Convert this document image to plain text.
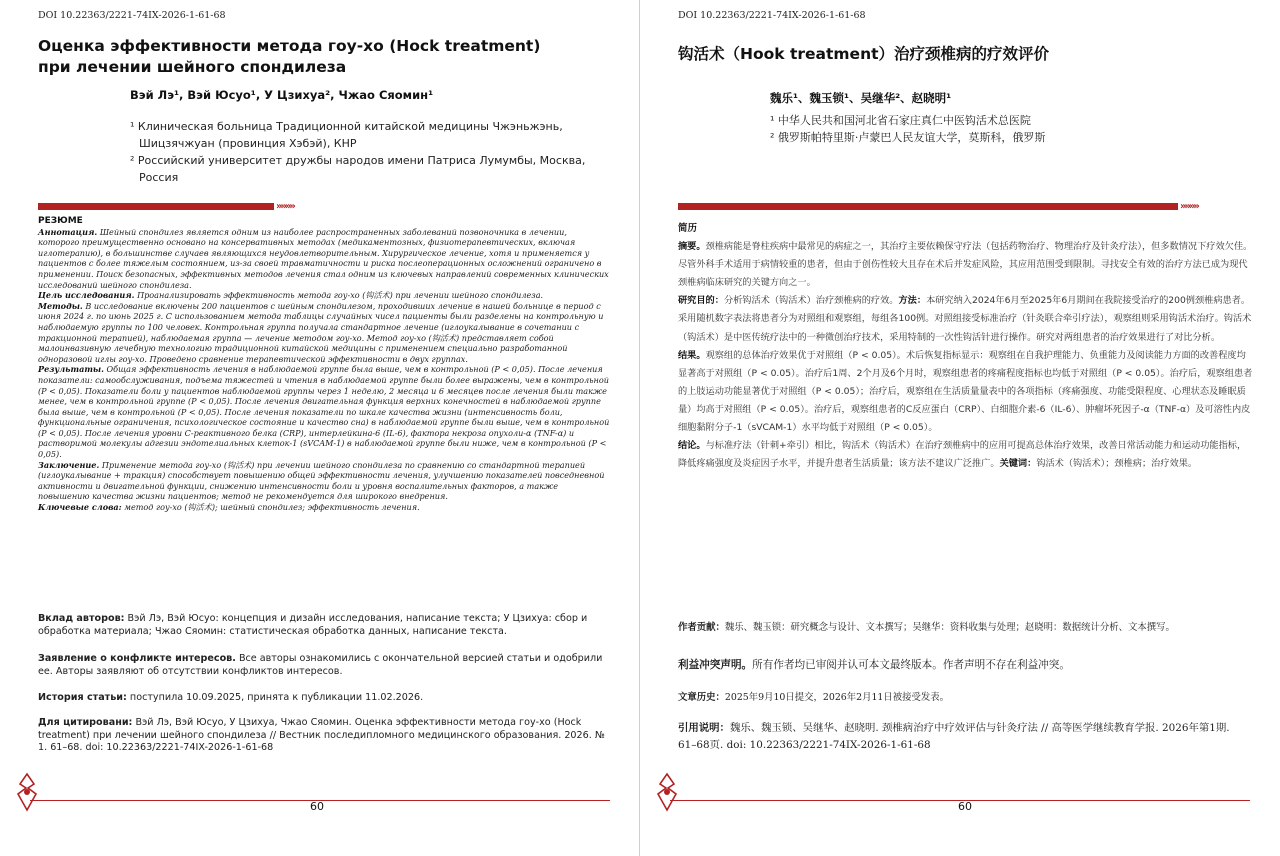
DOI 10.22363/2221-74IX-2026-1-61-68
Оценка эффективности метода гоу-хо (Hock treatment)
при лечении шейного спондилеза
Вэй Лэ¹, Вэй Юсуо¹, У Цзихуа², Чжао Сяомин¹
¹ Клиническая больница Традиционной китайской медицины Чжэньжэнь, Шицзячжуан (провинция Хэбэй), КНР
² Российский университет дружбы народов имени Патриса Лумумбы, Москва, Россия
»»»»
РЕЗЮМЕ
Аннотация. Шейный спондилез является одним из наиболее распространенных заболеваний позвоночника в лечении, которого преимущественно основано на консервативных методах (медикаментозных, физиотерапевтических, включая иглотерапию), в большинстве случаев являющихся неудовлетворительным. Хирургическое лечение, хотя и применяется у пациентов с более тяжелым состоянием, из-за своей травматичности и риска послеоперационных осложнений ограничено в применении. Поиск безопасных, эффективных методов лечения стал одним из ключевых направлений современных клинических исследований шейного спондилеза.
Цель исследования. Проанализировать эффективность метода гоу-хо (钩活术) при лечении шейного спондилеза.
Методы. В исследование включены 200 пациентов с шейным спондилезом, проходивших лечение в нашей больнице в период с июня 2024 г. по июнь 2025 г. С использованием метода таблицы случайных чисел пациенты были разделены на контрольную и наблюдаемую группы по 100 человек. Контрольная группа получала стандартное лечение (иглоукалывание в сочетании с тракционной терапией), наблюдаемая группа — лечение методом гоу-хо. Метод гоу-хо (钩活术) представляет собой малоинвазивную лечебную технологию традиционной китайской медицины с применением специально разработанной одноразовой иглы гоу-хо. Проведено сравнение терапевтической эффективности в двух группах.
Результаты. Общая эффективность лечения в наблюдаемой группе была выше, чем в контрольной (P < 0,05). После лечения показатели: самообслуживания, подъема тяжестей и чтения в наблюдаемой группе были более выражены, чем в контрольной (P < 0,05). Показатели боли у пациентов наблюдаемой группы через 1 неделю, 2 месяца и 6 месяцев после лечения были также менее, чем в контрольной группе (P < 0,05). После лечения двигательная функция верхних конечностей в наблюдаемой группе была выше, чем в контрольной (P < 0,05). После лечения показатели по шкале качества жизни (интенсивность боли, функциональные ограничения, психологическое состояние и качество сна) в наблюдаемой группе были выше, чем в контрольной (P < 0,05). После лечения уровни С-реактивного белка (CRP), интерлейкина-6 (IL-6), фактора некроза опухоли-α (TNF-α) и растворимой молекулы адгезии эндотелиальных клеток-1 (sVCAM-1) в наблюдаемой группе были ниже, чем в контрольной (P < 0,05).
Заключение. Применение метода гоу-хо (钩活术) при лечении шейного спондилеза по сравнению со стандартной терапией (иглоукалывание + тракция) способствует повышению общей эффективности лечения, улучшению показателей повседневной активности и двигательной функции, снижению интенсивности боли и уровня воспалительных факторов, а также повышению качества жизни пациентов; метод не рекомендуется для широкого внедрения.
Ключевые слова: метод гоу-хо (钩活术); шейный спондилез; эффективность лечения.
Вклад авторов: Вэй Лэ, Вэй Юсуо: концепция и дизайн исследования, написание текста; У Цзихуа: сбор и обработка материала; Чжао Сяомин: статистическая обработка данных, написание текста.
Заявление о конфликте интересов. Все авторы ознакомились с окончательной версией статьи и одобрили ее. Авторы заявляют об отсутствии конфликтов интересов.
История статьи: поступила 10.09.2025, принята к публикации 11.02.2026.
Для цитировани: Вэй Лэ, Вэй Юсуо, У Цзихуа, Чжао Сяомин. Оценка эффективности метода гоу-хо (Hock treatment) при лечении шейного спондилеза // Вестник последипломного медицинского образования. 2026. № 1. 61–68. doi: 10.22363/2221-74IX-2026-1-61-68
60
DOI 10.22363/2221-74IX-2026-1-61-68
钩活术（Hook treatment）治疗颈椎病的疗效评价
魏乐¹、魏玉锁¹、吴继华²、赵晓明¹
¹ 中华人民共和国河北省石家庄真仁中医钩活术总医院
² 俄罗斯帕特里斯·卢蒙巴人民友谊大学，莫斯科，俄罗斯
»»»»
简历
摘要。颈椎病能是脊柱疾病中最常见的病症之一，其治疗主要依赖保守疗法（包括药物治疗、物理治疗及针灸疗法），但多数情况下疗效欠佳。尽管外科手术适用于病情较重的患者，但由于创伤性较大且存在术后并发症风险，其应用范围受到限制。寻找安全有效的治疗方法已成为现代颈椎病临床研究的关键方向之一。
研究目的：分析钩活术（钩活术）治疗颈椎病的疗效。方法：本研究纳入2024年6月至2025年6月期间在我院接受治疗的200例颈椎病患者。采用随机数字表法将患者分为对照组和观察组，每组各100例。对照组接受标准治疗（针灸联合牵引疗法），观察组则采用钩活术治疗。钩活术（钩活术）是中医传统疗法中的一种微创治疗技术，采用特制的一次性钩活针进行操作。研究对两组患者的治疗效果进行了对比分析。
结果。观察组的总体治疗效果优于对照组（P < 0.05）。术后恢复指标显示：观察组在自我护理能力、负重能力及阅读能力方面的改善程度均显著高于对照组（P < 0.05）。治疗后1周、2个月及6个月时，观察组患者的疼痛程度指标也均低于对照组（P < 0.05）。治疗后，观察组患者的上肢运动功能显著优于对照组（P < 0.05）；治疗后，观察组在生活质量量表中的各项指标（疼痛强度、功能受限程度、心理状态及睡眠质量）均高于对照组（P < 0.05）。治疗后，观察组患者的C反应蛋白（CRP）、白细胞介素-6（IL-6）、肿瘤坏死因子-α（TNF-α）及可溶性内皮细胞黏附分子-1（sVCAM-1）水平均低于对照组（P < 0.05）。
结论。与标准疗法（针刺+牵引）相比，钩活术（钩活术）在治疗颈椎病中的应用可提高总体治疗效果，改善日常活动能力和运动功能指标，降低疼痛强度及炎症因子水平，并提升患者生活质量；该方法不建议广泛推广。关键词：钩活术（钩活术）；颈椎病；治疗效果。
作者贡献：魏乐、魏玉锁：研究概念与设计、文本撰写；吴继华：资料收集与处理；赵晓明：数据统计分析、文本撰写。
利益冲突声明。所有作者均已审阅并认可本文最终版本。作者声明不存在利益冲突。
文章历史：2025年9月10日提交，2026年2月11日被接受发表。
引用说明：魏乐、魏玉锁、吴继华、赵晓明. 颈椎病治疗中疗效评估与针灸疗法 // 高等医学继续教育学报. 2026年第1期. 61–68页. doi: 10.22363/2221-74IX-2026-1-61-68
60
